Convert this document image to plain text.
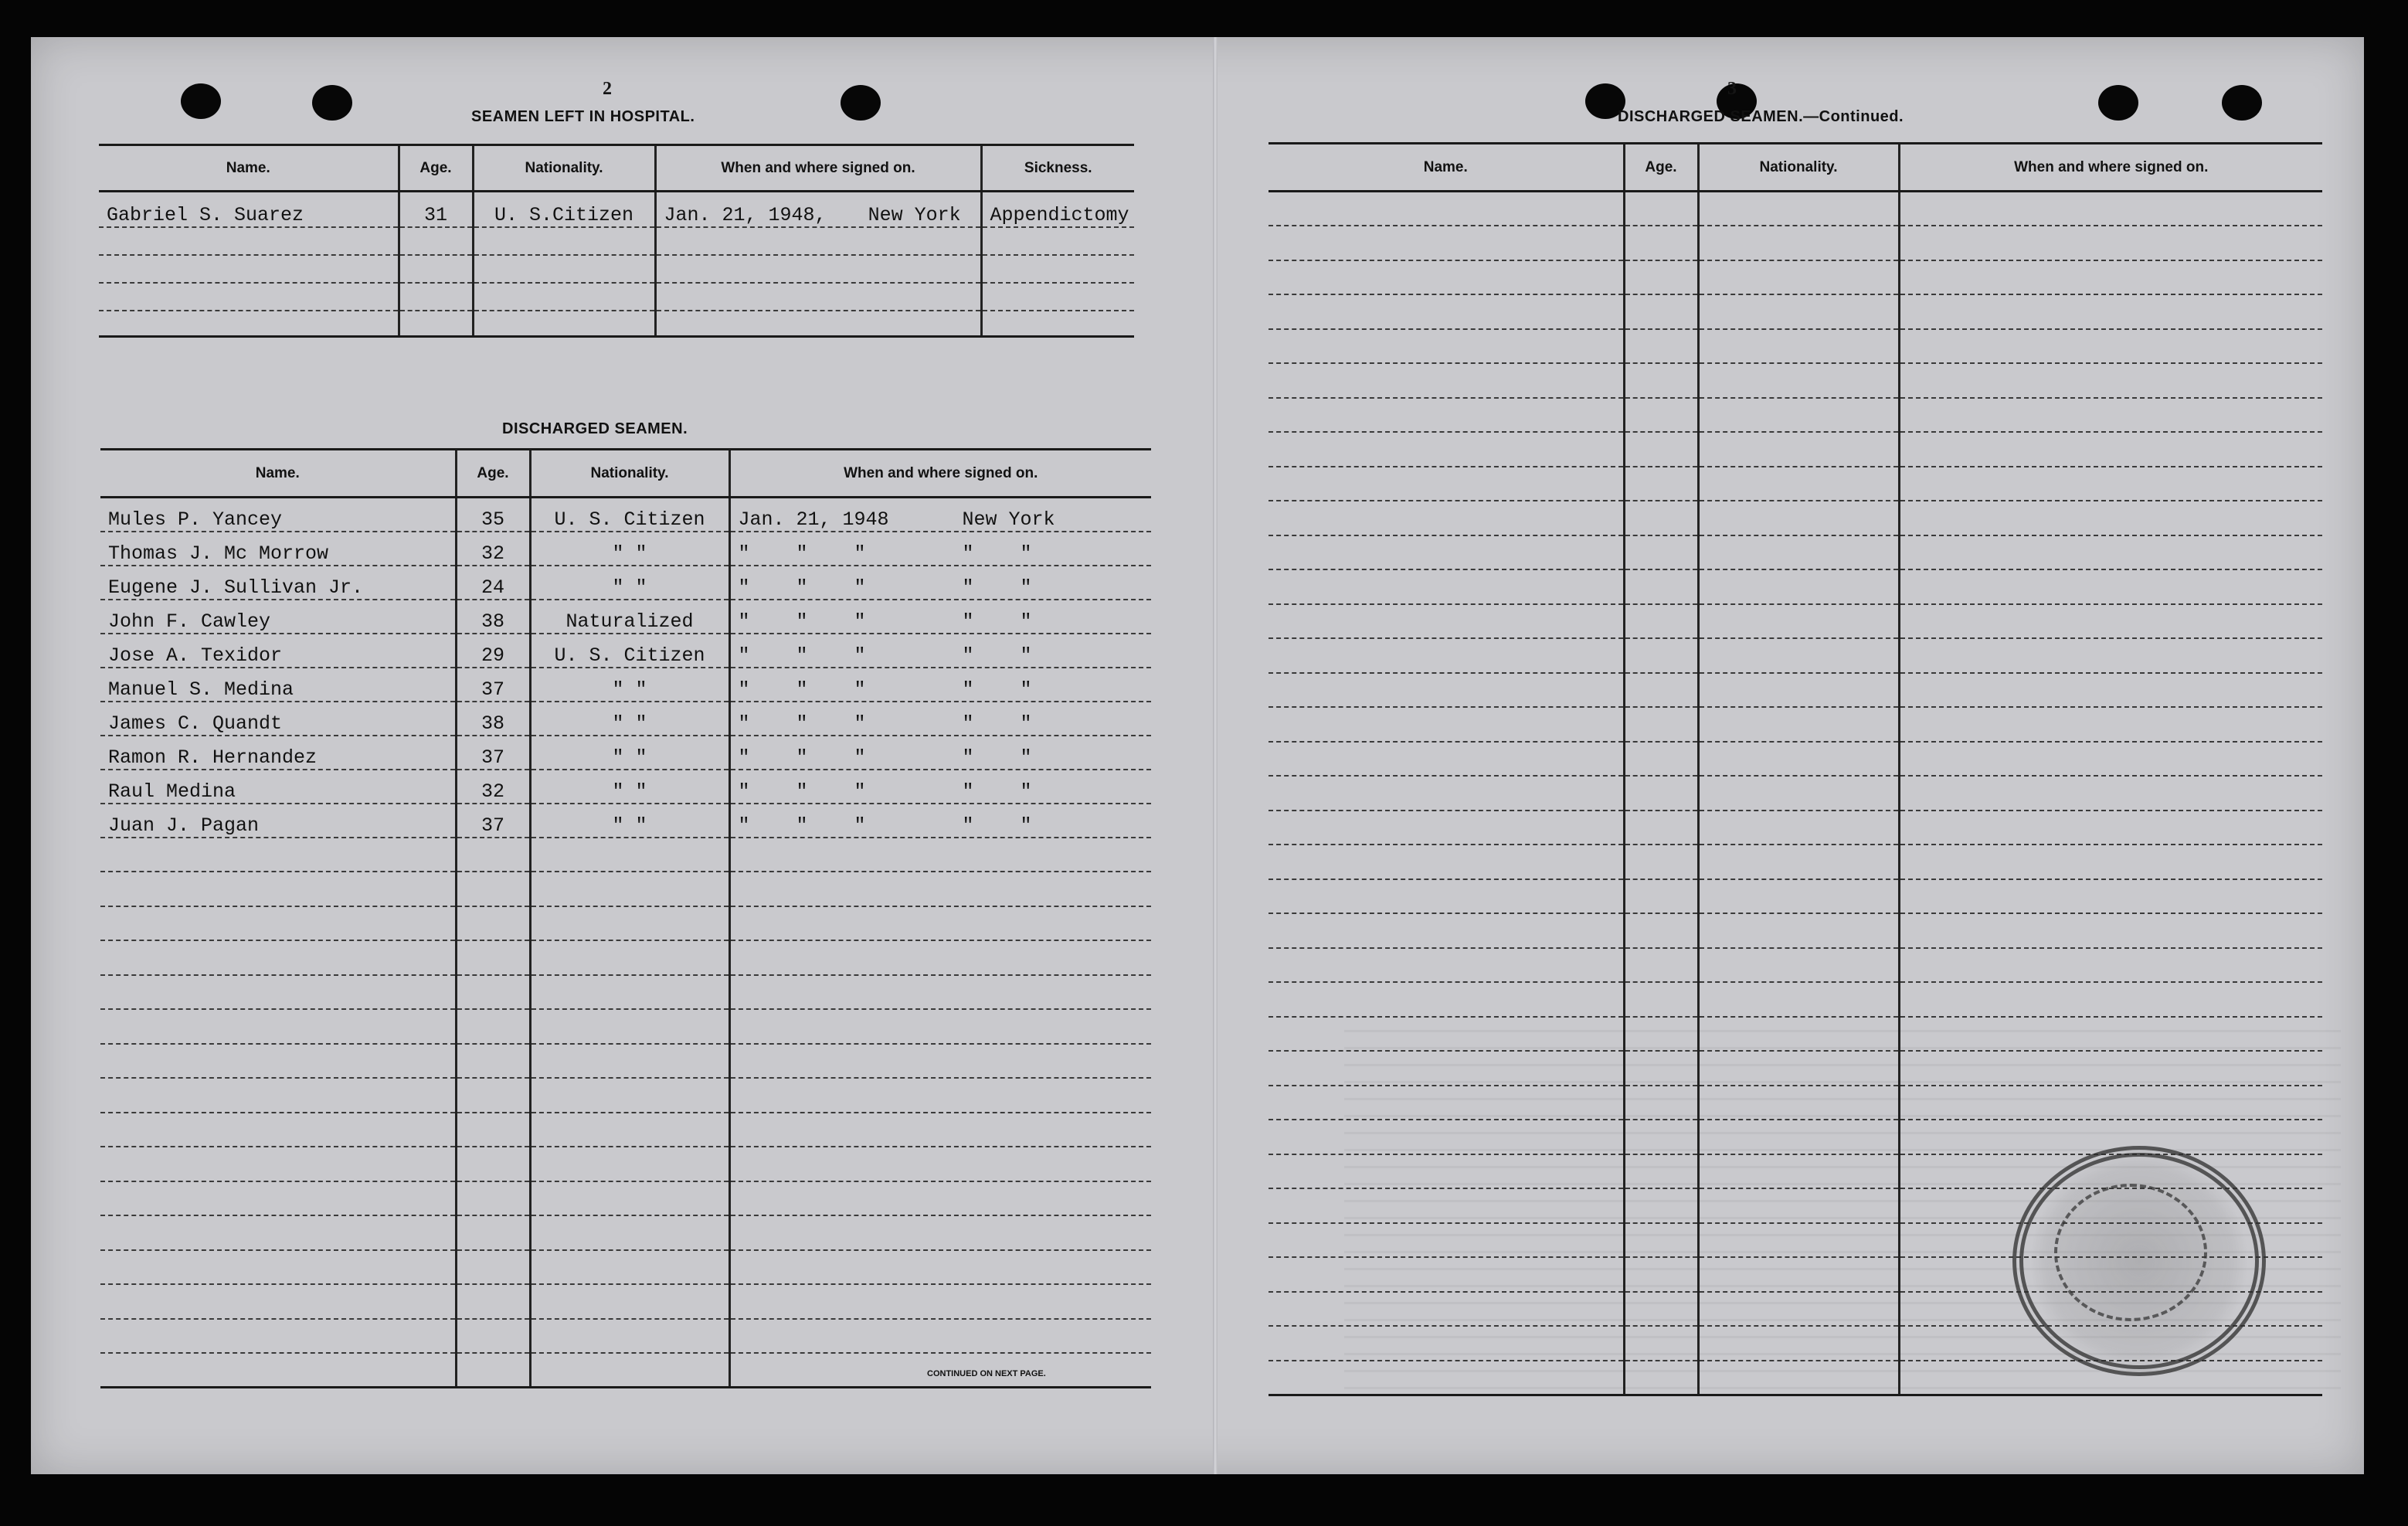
2
SEAMEN LEFT IN HOSPITAL.
Name.	Age.	Nationality.	When and where signed on.	Sickness.
Gabriel S. Suarez	31	U. S.Citizen	Jan. 21, 1948, New York	Appendictomy

DISCHARGED SEAMEN.
Name.	Age.	Nationality.	When and where signed on.
Mules P. Yancey	35	U. S. Citizen	Jan. 21, 1948 New York
Thomas J. Mc Morrow	32	" "	"    "    " "    "
Eugene J. Sullivan Jr.	24	" "	"    "    " "    "
John F. Cawley	38	Naturalized	"    "    " "    "
Jose A. Texidor	29	U. S. Citizen	"    "    " "    "
Manuel S. Medina	37	" "	"    "    " "    "
James C. Quandt	38	" "	"    "    " "    "
Ramon R. Hernandez	37	" "	"    "    " "    "
Raul Medina	32	" "	"    "    " "    "
Juan J. Pagan	37	" "	"    "    " "    "

CONTINUED ON NEXT PAGE.
3
DISCHARGED SEAMEN.—Continued.
Name.	Age.	Nationality.	When and where signed on.
